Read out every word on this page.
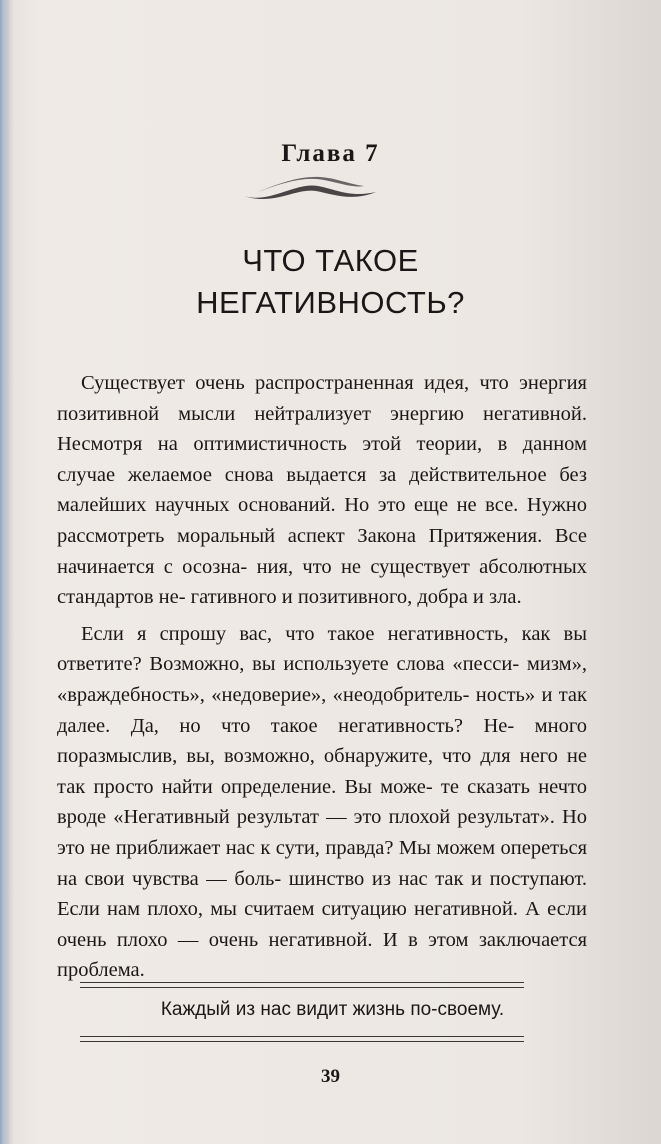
Глава 7
ЧТО ТАКОЕ
НЕГАТИВНОСТЬ?

Существует очень распространенная идея, что энергия позитивной мысли нейтрализует энергию негативной. Несмотря на оптимистичность этой теории, в данном случае желаемое снова выдается за действительное без малейших научных оснований. Но это еще не все. Нужно рассмотреть моральный аспект Закона Притяжения. Все начинается с осозна- ния, что не существует абсолютных стандартов не- гативного и позитивного, добра и зла.

Если я спрошу вас, что такое негативность, как вы ответите? Возможно, вы используете слова «песси- мизм», «враждебность», «недоверие», «неодобритель- ность» и так далее. Да, но что такое негативность? Не- много поразмыслив, вы, возможно, обнаружите, что для него не так просто найти определение. Вы може- те сказать нечто вроде «Негативный результат — это плохой результат». Но это не приближает нас к сути, правда? Мы можем опереться на свои чувства — боль- шинство из нас так и поступают. Если нам плохо, мы считаем ситуацию негативной. А если очень плохо — очень негативной. И в этом заключается проблема.

Каждый из нас видит жизнь по-своему.
39
